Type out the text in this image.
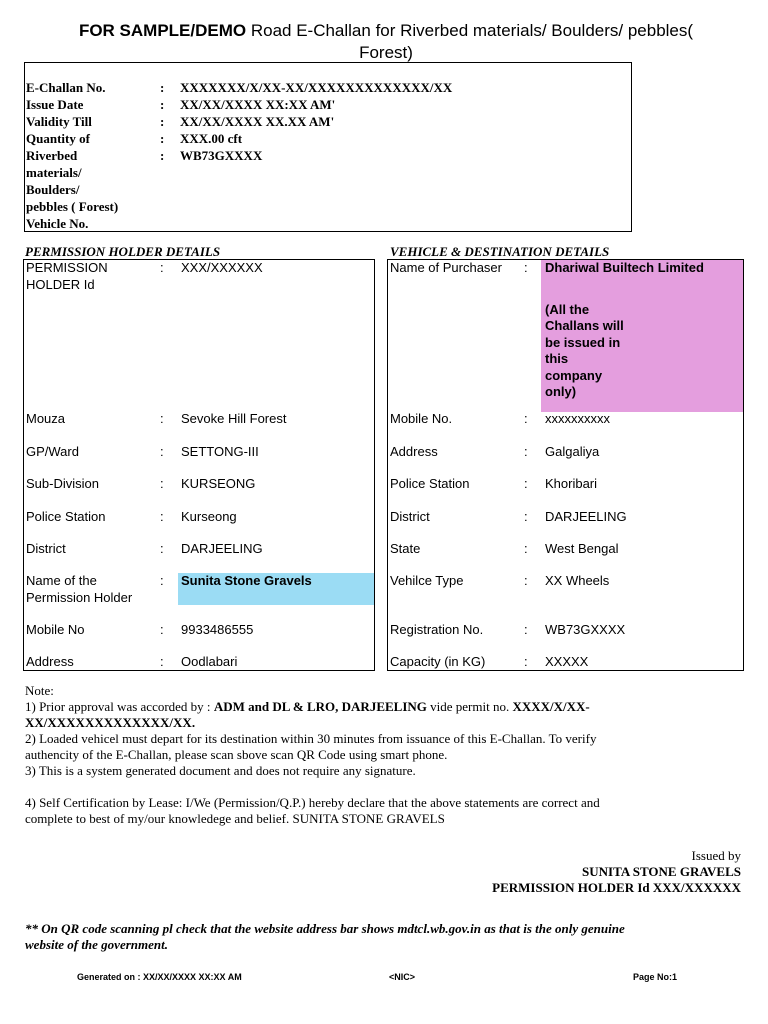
FOR SAMPLE/DEMO Road E-Challan for Riverbed materials/ Boulders/ pebbles(
Forest)
E-Challan No.	: XXXXXXX/X/XX-XX/XXXXXXXXXXXXX/XX
Issue Date	: XX/XX/XXXX XX:XX AM'
Validity Till	: XX/XX/XXXX XX.XX AM'
Quantity of	: XXX.00 cft
Riverbed	: WB73GXXXX
materials/
Boulders/
pebbles ( Forest)
Vehicle No.
PERMISSION HOLDER DETAILS	VEHICLE & DESTINATION DETAILS
PERMISSION
HOLDER Id
: XXX/XXXXXX
Mouza	: Sevoke Hill Forest
GP/Ward	: SETTONG-III
Sub-Division	: KURSEONG
Police Station	: Kurseong
District	: DARJEELING
Name of the
Permission Holder
: Sunita Stone Gravels
Mobile No	: 9933486555
Address	: Oodlabari
Name of Purchaser : Dhariwal Builtech Limited
(All the
Challans will
be issued in
this
company
only)
Mobile No.	: xxxxxxxxxx
Address	: Galgaliya
Police Station	: Khoribari
District	: DARJEELING
State	: West Bengal
Vehilce Type	: XX Wheels
Registration No.	: WB73GXXXX
Capacity (in KG)	: XXXXX
Note:
1) Prior approval was accorded by : ADM and DL & LRO, DARJEELING vide permit no. XXXX/X/XX-
XX/XXXXXXXXXXXXX/XX.
2) Loaded vehicel must depart for its destination within 30 minutes from issuance of this E-Challan. To verify
authencity of the E-Challan, please scan sbove scan QR Code using smart phone.
3) This is a system generated document and does not require any signature.
4) Self Certification by Lease: I/We (Permission/Q.P.) hereby declare that the above statements are correct and
complete to best of my/our knowledege and belief. SUNITA STONE GRAVELS
Issued by
SUNITA STONE GRAVELS
PERMISSION HOLDER Id XXX/XXXXXX
** On QR code scanning pl check that the website address bar shows mdtcl.wb.gov.in as that is the only genuine
website of the government.
Generated on : XX/XX/XXXX XX:XX AM	<NIC>	Page No:1
